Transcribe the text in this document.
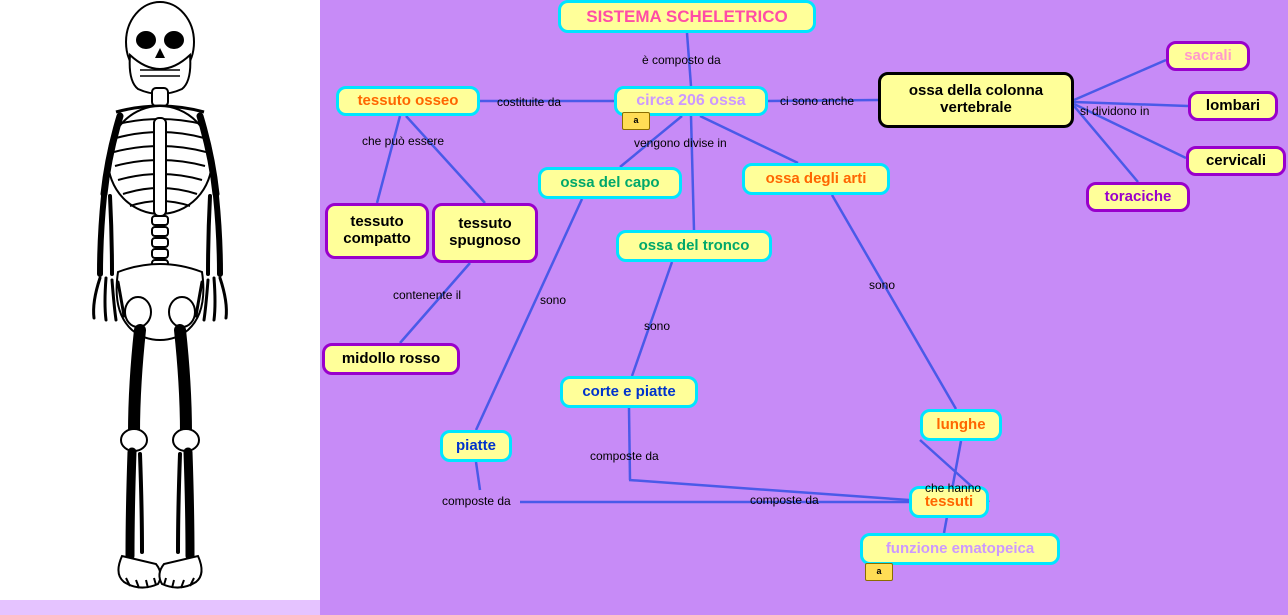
SISTEMA SCHELETRICO
tessuto osseo	circa 206 ossa
ossa della colonna vertebrale
sacrali
lombari
cervicali
toraciche
ossa del capo	ossa degli arti
ossa del tronco
tessuto compatto
tessuto spugnoso
midollo rosso
corte e piatte
piatte
lunghe
tessuti
funzione ematopeica
è composto da
costituite da	ci sono anche
si divid​ono in
che può essere	vengono divise in
contenente il	sono
sono
sono
composte da
che hanno
composte da	composte da
a
a
